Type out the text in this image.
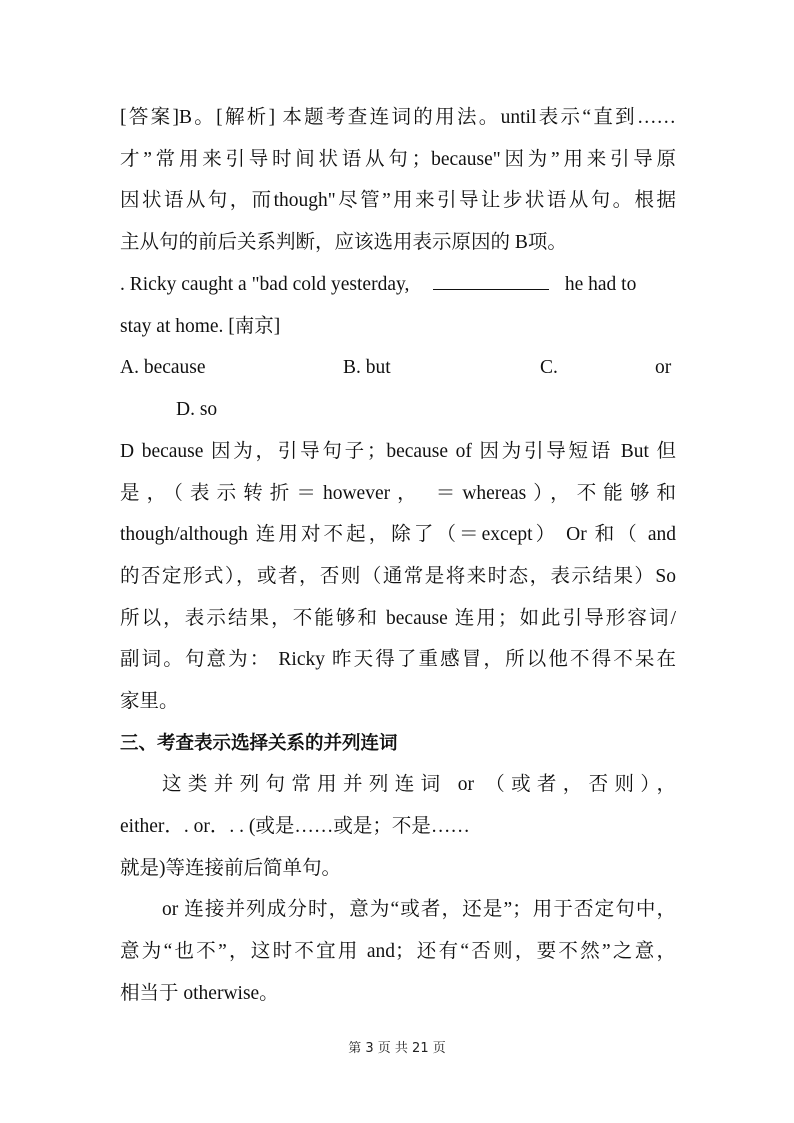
[答案]B。[解析] 本题考查连词的用法。until表示“直到……
才”常用来引导时间状语从句；because"因为”用来引导原
因状语从句，而though"尽管”用来引导让步状语从句。根据
主从句的前后关系判断，应该选用表示原因的 B项。
. Ricky caught a "bad cold yesterday,	he had to
stay at home. [南京]
A. because	B. but	C.	or
D. so
D because 因为，引导句子；because of 因为引导短语 But 但
是，（表示转折＝however， ＝whereas），不能够和
though/although 连用对不起，除了（＝except） Or 和（ and
的否定形式），或者，否则（通常是将来时态，表示结果）So
所以，表示结果，不能够和 because 连用；如此引导形容词/
副词。句意为： Ricky 昨天得了重感冒，所以他不得不呆在
家里。
三、考查表示选择关系的并列连词
这类并列句常用并列连词 or （或者，否则），
either．. or．. . (或是……或是；不是……
就是)等连接前后简单句。
or 连接并列成分时，意为“或者，还是”；用于否定句中，
意为“也不”，这时不宜用 and；还有“否则，要不然”之意，
相当于 otherwise。
第 3 页 共 21 页
